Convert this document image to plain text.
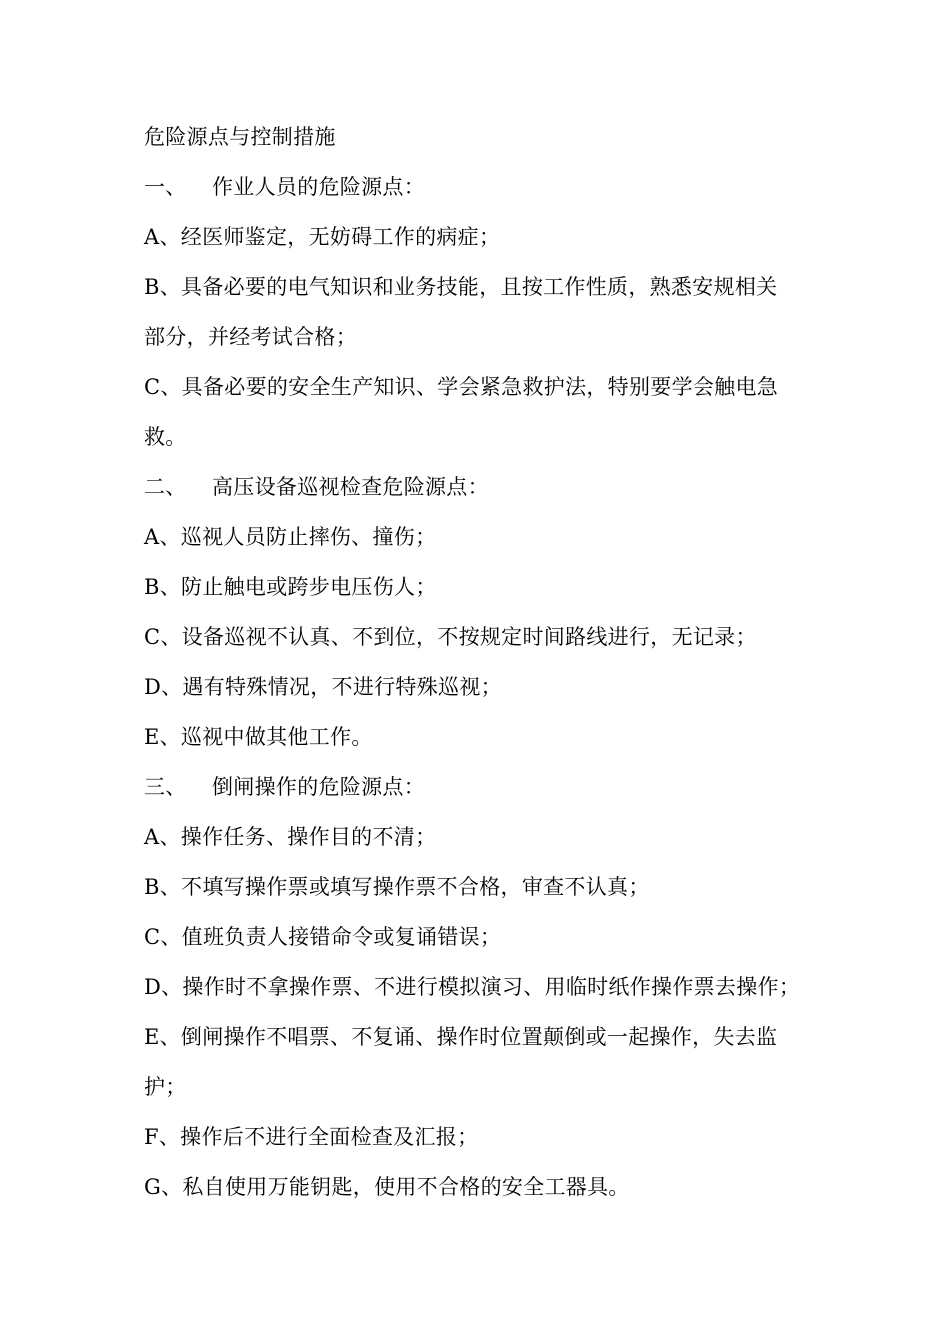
危险源点与控制措施
一、 作业人员的危险源点：
A、经医师鉴定，无妨碍工作的病症；
B、具备必要的电气知识和业务技能，且按工作性质，熟悉安规相关
部分，并经考试合格；
C、具备必要的安全生产知识、学会紧急救护法，特别要学会触电急
救。
二、 高压设备巡视检查危险源点：
A、巡视人员防止摔伤、撞伤；
B、防止触电或跨步电压伤人；
C、设备巡视不认真、不到位，不按规定时间路线进行，无记录；
D、遇有特殊情况，不进行特殊巡视；
E、巡视中做其他工作。
三、 倒闸操作的危险源点：
A、操作任务、操作目的不清；
B、不填写操作票或填写操作票不合格，审查不认真；
C、值班负责人接错命令或复诵错误；
D、操作时不拿操作票、不进行模拟演习、用临时纸作操作票去操作；
E、倒闸操作不唱票、不复诵、操作时位置颠倒或一起操作，失去监
护；
F、操作后不进行全面检查及汇报；
G、私自使用万能钥匙，使用不合格的安全工器具。
